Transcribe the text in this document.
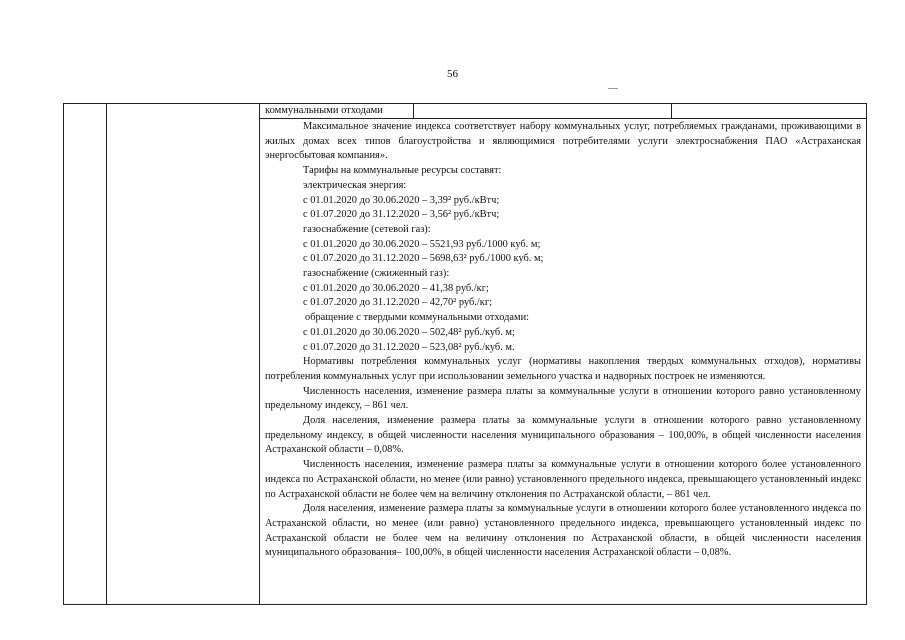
56
коммунальными отходами

Максимальное значение индекса соответствует набору коммунальных услуг, потребляемых гражданами, проживающими в жилых домах всех типов благоустройства и являющимися потребителями услуги электроснабжения ПАО «Астраханская энергосбытовая компания».

Тарифы на коммунальные ресурсы составят:

электрическая энергия:

с 01.01.2020 до 30.06.2020 – 3,39² руб./кВтч;

с 01.07.2020 до 31.12.2020 – 3,56² руб./кВтч;

газоснабжение (сетевой газ):

с 01.01.2020 до 30.06.2020 – 5521,93 руб./1000 куб. м;

с 01.07.2020 до 31.12.2020 – 5698,63² руб./1000 куб. м;

газоснабжение (сжиженный газ):

с 01.01.2020 до 30.06.2020 – 41,38 руб./кг;

с 01.07.2020 до 31.12.2020 – 42,70² руб./кг;

обращение с твердыми коммунальными отходами:

с 01.01.2020 до 30.06.2020 – 502,48² руб./куб. м;

с 01.07.2020 до 31.12.2020 – 523,08² руб./куб. м.

Нормативы потребления коммунальных услуг (нормативы накопления твердых коммунальных отходов), нормативы потребления коммунальных услуг при использовании земельного участка и надворных построек не изменяются.

Численность населения, изменение размера платы за коммунальные услуги в отношении которого равно установленному предельному индексу, – 861 чел.

Доля населения, изменение размера платы за коммунальные услуги в отношении которого равно установленному предельному индексу, в общей численности населения муниципального образования – 100,00%, в общей численности населения Астраханской области – 0,08%.

Численность населения, изменение размера платы за коммунальные услуги в отношении которого более установленного индекса по Астраханской области, но менее (или равно) установленного предельного индекса, превышающего установленный индекс по Астраханской области не более чем на величину отклонения по Астраханской области, – 861 чел.

Доля населения, изменение размера платы за коммунальные услуги в отношении которого более установленного индекса по Астраханской области, но менее (или равно) установленного предельного индекса, превышающего установленный индекс по Астраханской области не более чем на величину отклонения по Астраханской области, в общей численности населения муниципального образования– 100,00%, в общей численности населения Астраханской области – 0,08%.
